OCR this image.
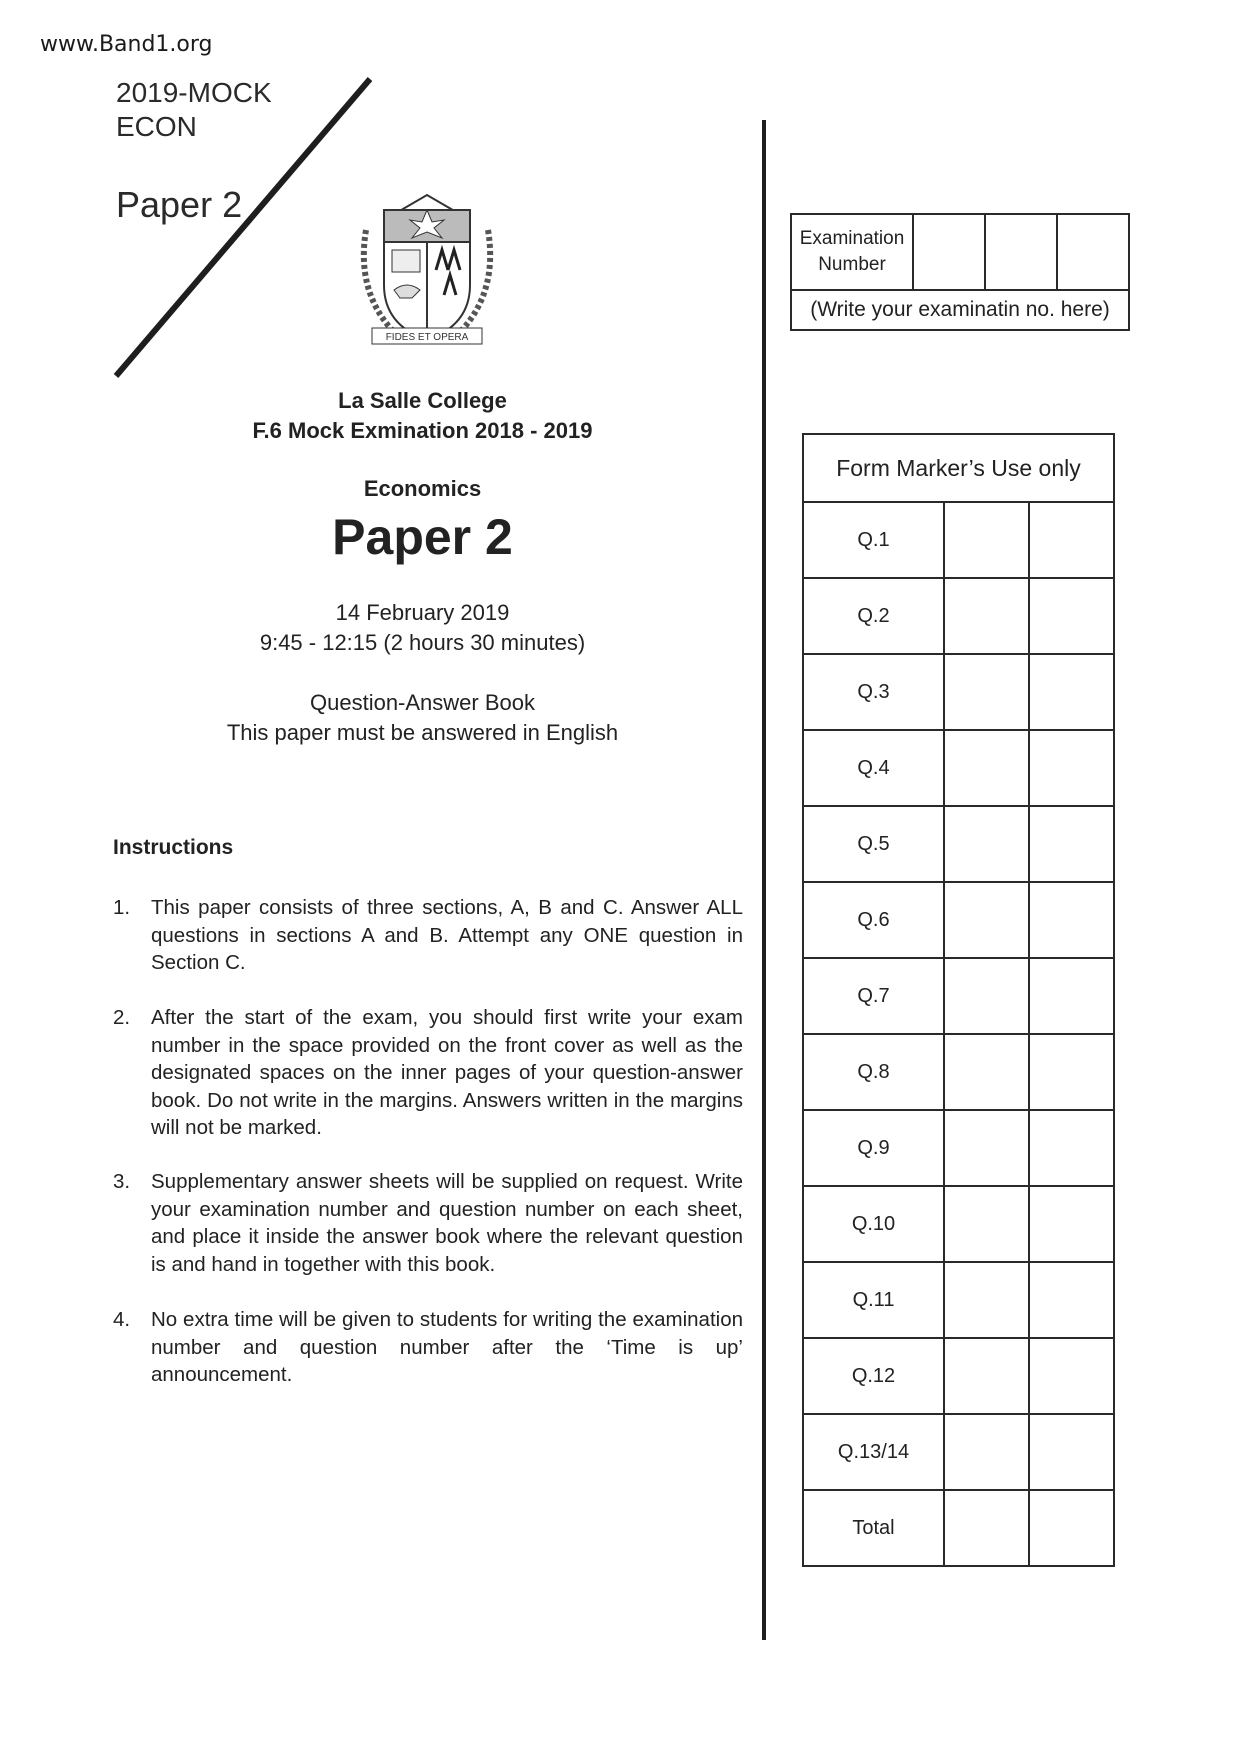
www.Band1.org
2019-MOCK
ECON
Paper 2
FIDES ET OPERA
La Salle College
F.6 Mock Exmination 2018 - 2019
Economics
Paper 2
14 February 2019
9:45 - 12:15 (2 hours 30 minutes)
Question-Answer Book
This paper must be answered in English
Instructions
1. This paper consists of three sections, A, B and C. Answer ALL questions in sections A and B. Attempt any ONE question in Section C.
2. After the start of the exam, you should first write your exam number in the space provided on the front cover as well as the designated spaces on the inner pages of your question-answer book. Do not write in the margins. Answers written in the margins will not be marked.
3. Supplementary answer sheets will be supplied on request. Write your examination number and question number on each sheet, and place it inside the answer book where the relevant question is and hand in together with this book.
4. No extra time will be given to students for writing the examination number and question number after the ‘Time is up’ announcement.
Examination Number			
(Write your examinatin no. here)
Form Marker’s Use only		
Q.1		
Q.2		
Q.3		
Q.4		
Q.5		
Q.6		
Q.7		
Q.8		
Q.9		
Q.10		
Q.11		
Q.12		
Q.13/14		
Total		
